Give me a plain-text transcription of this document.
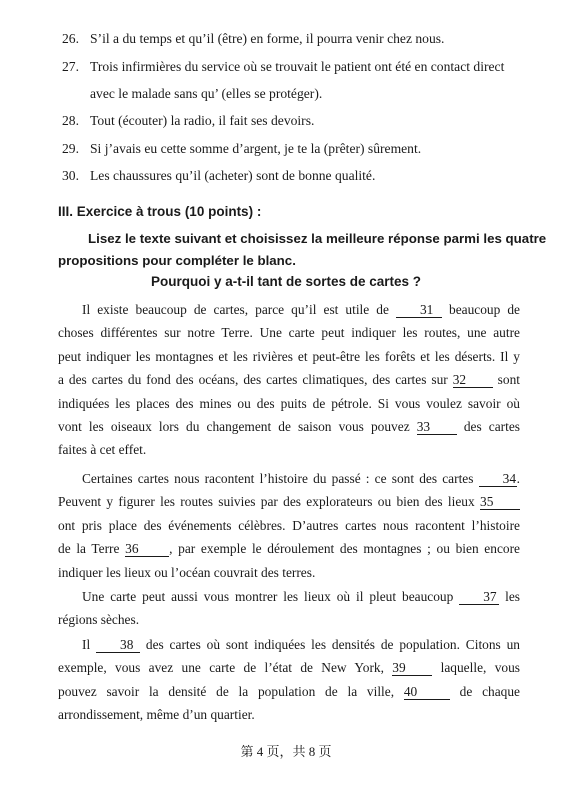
26. S’il a du temps et qu’il (être) en forme, il pourra venir chez nous.
27. Trois infirmières du service où se trouvait le patient ont été en contact direct
avec le malade sans qu’ (elles se protéger).
28. Tout (écouter) la radio, il fait ses devoirs.
29. Si j’avais eu cette somme d’argent, je te la (prêter) sûrement.
30. Les chaussures qu’il (acheter) sont de bonne qualité.
III. Exercice à trous (10 points) :
Lisez le texte suivant et choisissez la meilleure réponse parmi les quatre
propositions pour compléter le blanc.
Pourquoi y a-t-il tant de sortes de cartes ?

Il existe beaucoup de cartes, parce qu’il est utile de 31 beaucoup de

choses différentes sur notre Terre. Une carte peut indiquer les routes, une autre

peut indiquer les montagnes et les rivières et peut-être les forêts et les déserts. Il y

a des cartes du fond des océans, des cartes climatiques, des cartes sur 32 sont

indiquées les places des mines ou des puits de pétrole. Si vous voulez savoir où

vont les oiseaux lors du changement de saison vous pouvez 33 des cartes

faites à cet effet.

Certaines cartes nous racontent l’histoire du passé : ce sont des cartes 34.

Peuvent y figurer les routes suivies par des explorateurs ou bien des lieux 35

ont pris place des événements célèbres. D’autres cartes nous racontent l’histoire

de la Terre 36 , par exemple le déroulement des montagnes ; ou bien encore

indiquer les lieux ou l’océan couvrait des terres.

Une carte peut aussi vous montrer les lieux où il pleut beaucoup 37 les

régions sèches.

Il 38 des cartes où sont indiquées les densités de population. Citons un

exemple, vous avez une carte de l’état de New York, 39 laquelle, vous

pouvez savoir la densité de la population de la ville, 40 de chaque

arrondissement, même d’un quartier.

第 4 页，共 8 页
